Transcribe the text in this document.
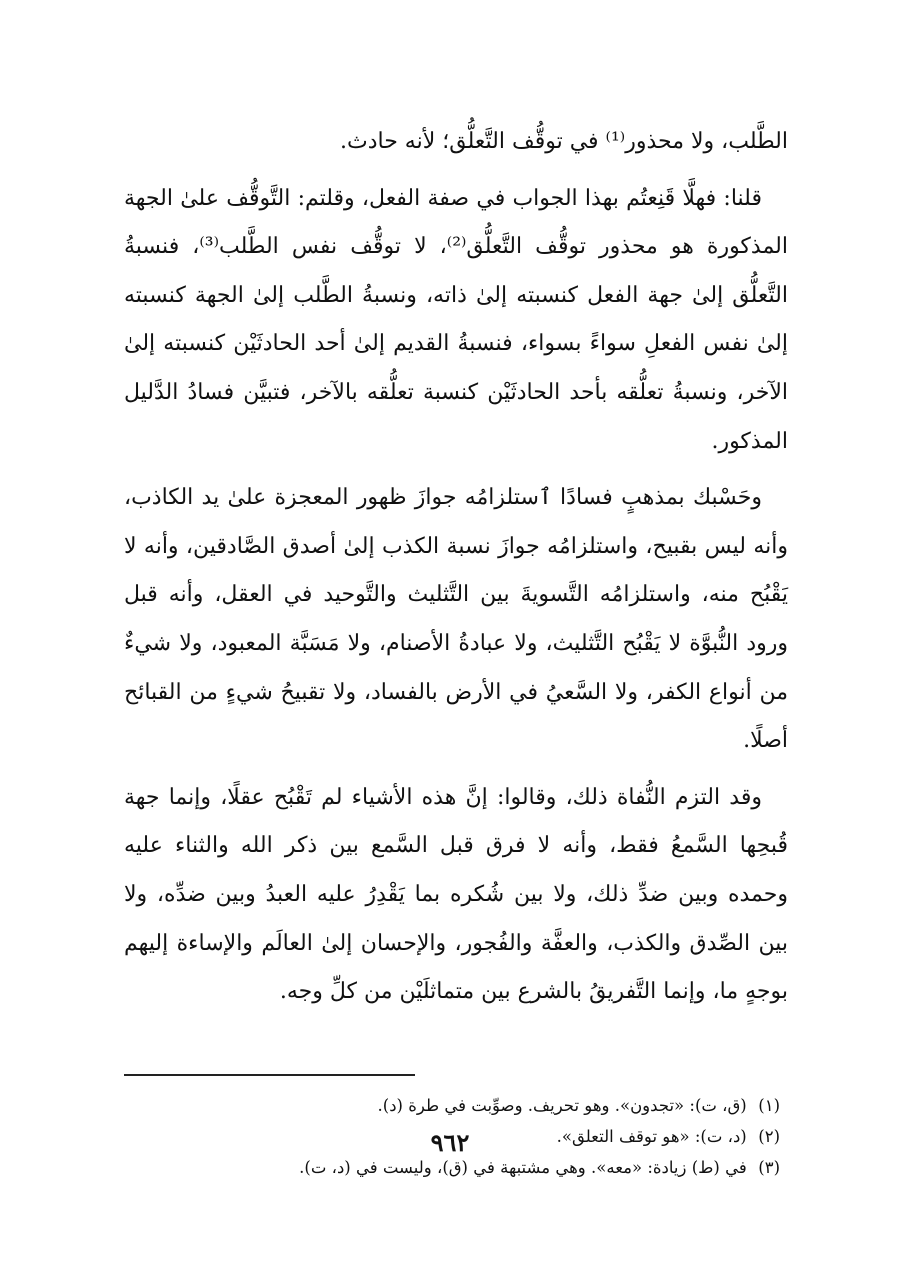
الطَّلب، ولا محذور⁽¹⁾ في توقُّف التَّعلُّق؛ لأنه حادث.

قلنا: فهلَّا قَنِعتُم بهذا الجواب في صفة الفعل، وقلتم: التَّوقُّف علىٰ الجهة المذكورة هو محذور توقُّف التَّعلُّق⁽²⁾، لا توقُّف نفس الطَّلب⁽³⁾، فنسبةُ التَّعلُّق إلىٰ جهة الفعل كنسبته إلىٰ ذاته، ونسبةُ الطَّلب إلىٰ الجهة كنسبته إلىٰ نفس الفعلِ سواءً بسواء، فنسبةُ القديم إلىٰ أحد الحادثَيْن كنسبته إلىٰ الآخر، ونسبةُ تعلُّقه بأحد الحادثَيْن كنسبة تعلُّقه بالآخر، فتبيَّن فسادُ الدَّليل المذكور.

وحَسْبك بمذهبٍ فسادًا ٱستلزامُه جوازَ ظهور المعجزة علىٰ يد الكاذب، وأنه ليس بقبيح، واستلزامُه جوازَ نسبة الكذب إلىٰ أصدق الصَّادقين، وأنه لا يَقْبُح منه، واستلزامُه التَّسويةَ بين التَّثليث والتَّوحيد في العقل، وأنه قبل ورود النُّبوَّة لا يَقْبُح التَّثليث، ولا عبادةُ الأصنام، ولا مَسَبَّة المعبود، ولا شيءٌ من أنواع الكفر، ولا السَّعيُ في الأرض بالفساد، ولا تقبيحُ شيءٍ من القبائح أصلًا.

وقد التزم النُّفاة ذلك، وقالوا: إنَّ هذه الأشياء لم تَقْبُح عقلًا، وإنما جهة قُبحِها السَّمعُ فقط، وأنه لا فرق قبل السَّمع بين ذكر الله والثناء عليه وحمده وبين ضدِّ ذلك، ولا بين شُكره بما يَقْدِرُ عليه العبدُ وبين ضدِّه، ولا بين الصِّدق والكذب، والعفَّة والفُجور، والإحسان إلىٰ العالَم والإساءة إليهم بوجهٍ ما، وإنما التَّفريقُ بالشرع بين متماثلَيْن من كلِّ وجه.

(١) (ق، ت): «تجدون». وهو تحريف. وصوِّبت في طرة (د).

(٢) (د، ت): «هو توقف التعلق».

(٣) في (ط) زيادة: «معه». وهي مشتبهة في (ق)، وليست في (د، ت).

٩٦٢
